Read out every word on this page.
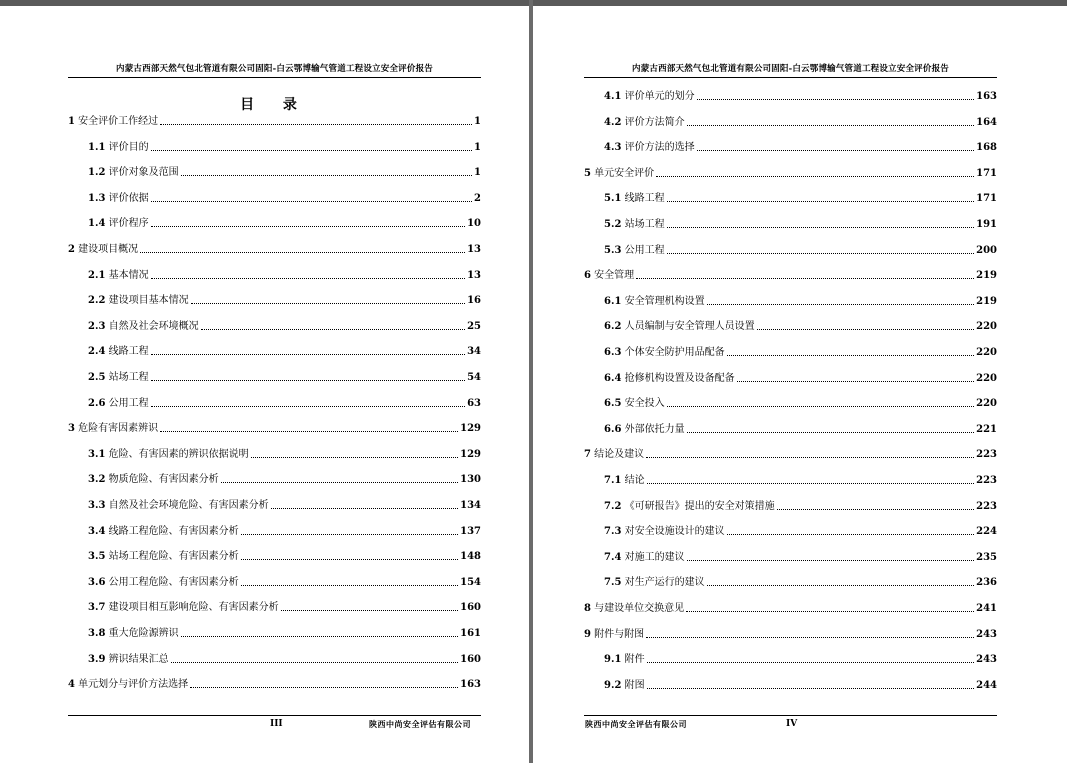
内蒙古西部天然气包北管道有限公司固阳-白云鄂博输气管道工程设立安全评价报告
目 录
1 安全评价工作经过	1
1.1 评价目的	1
1.2 评价对象及范围	1
1.3 评价依据	2
1.4 评价程序	10
2 建设项目概况	13
2.1 基本情况	13
2.2 建设项目基本情况	16
2.3 自然及社会环境概况	25
2.4 线路工程	34
2.5 站场工程	54
2.6 公用工程	63
3 危险有害因素辨识	129
3.1 危险、有害因素的辨识依据说明	129
3.2 物质危险、有害因素分析	130
3.3 自然及社会环境危险、有害因素分析	134
3.4 线路工程危险、有害因素分析	137
3.5 站场工程危险、有害因素分析	148
3.6 公用工程危险、有害因素分析	154
3.7 建设项目相互影响危险、有害因素分析	160
3.8 重大危险源辨识	161
3.9 辨识结果汇总	160
4 单元划分与评价方法选择	163
III	陕西中尚安全评估有限公司
内蒙古西部天然气包北管道有限公司固阳-白云鄂博输气管道工程设立安全评价报告
4.1 评价单元的划分	163
4.2 评价方法简介	164
4.3 评价方法的选择	168
5 单元安全评价	171
5.1 线路工程	171
5.2 站场工程	191
5.3 公用工程	200
6 安全管理	219
6.1 安全管理机构设置	219
6.2 人员编制与安全管理人员设置	220
6.3 个体安全防护用品配备	220
6.4 抢修机构设置及设备配备	220
6.5 安全投入	220
6.6 外部依托力量	221
7 结论及建议	223
7.1 结论	223
7.2 《可研报告》提出的安全对策措施	223
7.3 对安全设施设计的建议	224
7.4 对施工的建议	235
7.5 对生产运行的建议	236
8 与建设单位交换意见	241
9 附件与附图	243
9.1 附件	243
9.2 附图	244
陕西中尚安全评估有限公司	IV
